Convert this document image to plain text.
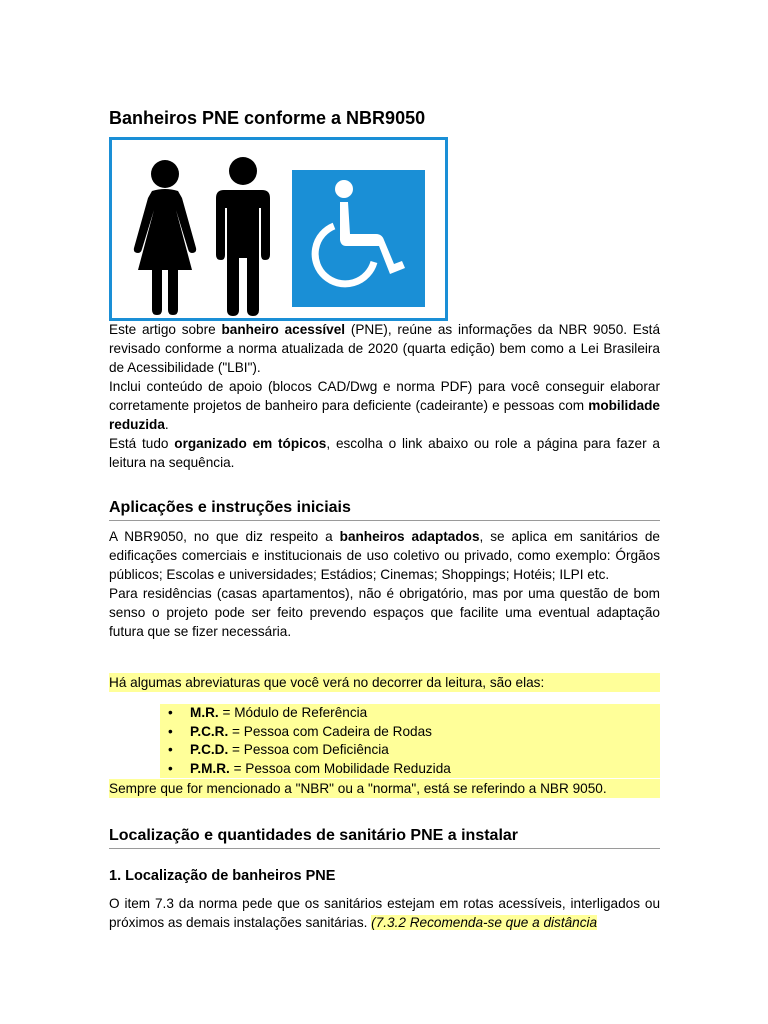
Banheiros PNE conforme a NBR9050

Este artigo sobre banheiro acessível (PNE), reúne as informações da NBR 9050. Está revisado conforme a norma atualizada de 2020 (quarta edição) bem como a Lei Brasileira de Acessibilidade ("LBI").

Inclui conteúdo de apoio (blocos CAD/Dwg e norma PDF) para você conseguir elaborar corretamente projetos de banheiro para deficiente (cadeirante) e pessoas com mobilidade reduzida.

Está tudo organizado em tópicos, escolha o link abaixo ou role a página para fazer a leitura na sequência.

Aplicações e instruções iniciais

A NBR9050, no que diz respeito a banheiros adaptados, se aplica em sanitários de edificações comerciais e institucionais de uso coletivo ou privado, como exemplo: Órgãos públicos; Escolas e universidades; Estádios; Cinemas; Shoppings; Hotéis; ILPI etc.

Para residências (casas apartamentos), não é obrigatório, mas por uma questão de bom senso o projeto pode ser feito prevendo espaços que facilite uma eventual adaptação futura que se fizer necessária.

Há algumas abreviaturas que você verá no decorrer da leitura, são elas:
• M.R. = Módulo de Referência
• P.C.R. = Pessoa com Cadeira de Rodas
• P.C.D. = Pessoa com Deficiência
• P.M.R. = Pessoa com Mobilidade Reduzida
Sempre que for mencionado a "NBR" ou a "norma", está se referindo a NBR 9050.
Localização e quantidades de sanitário PNE a instalar
1. Localização de banheiros PNE

O item 7.3 da norma pede que os sanitários estejam em rotas acessíveis, interligados ou próximos as demais instalações sanitárias. (7.3.2 Recomenda-se que a distância
